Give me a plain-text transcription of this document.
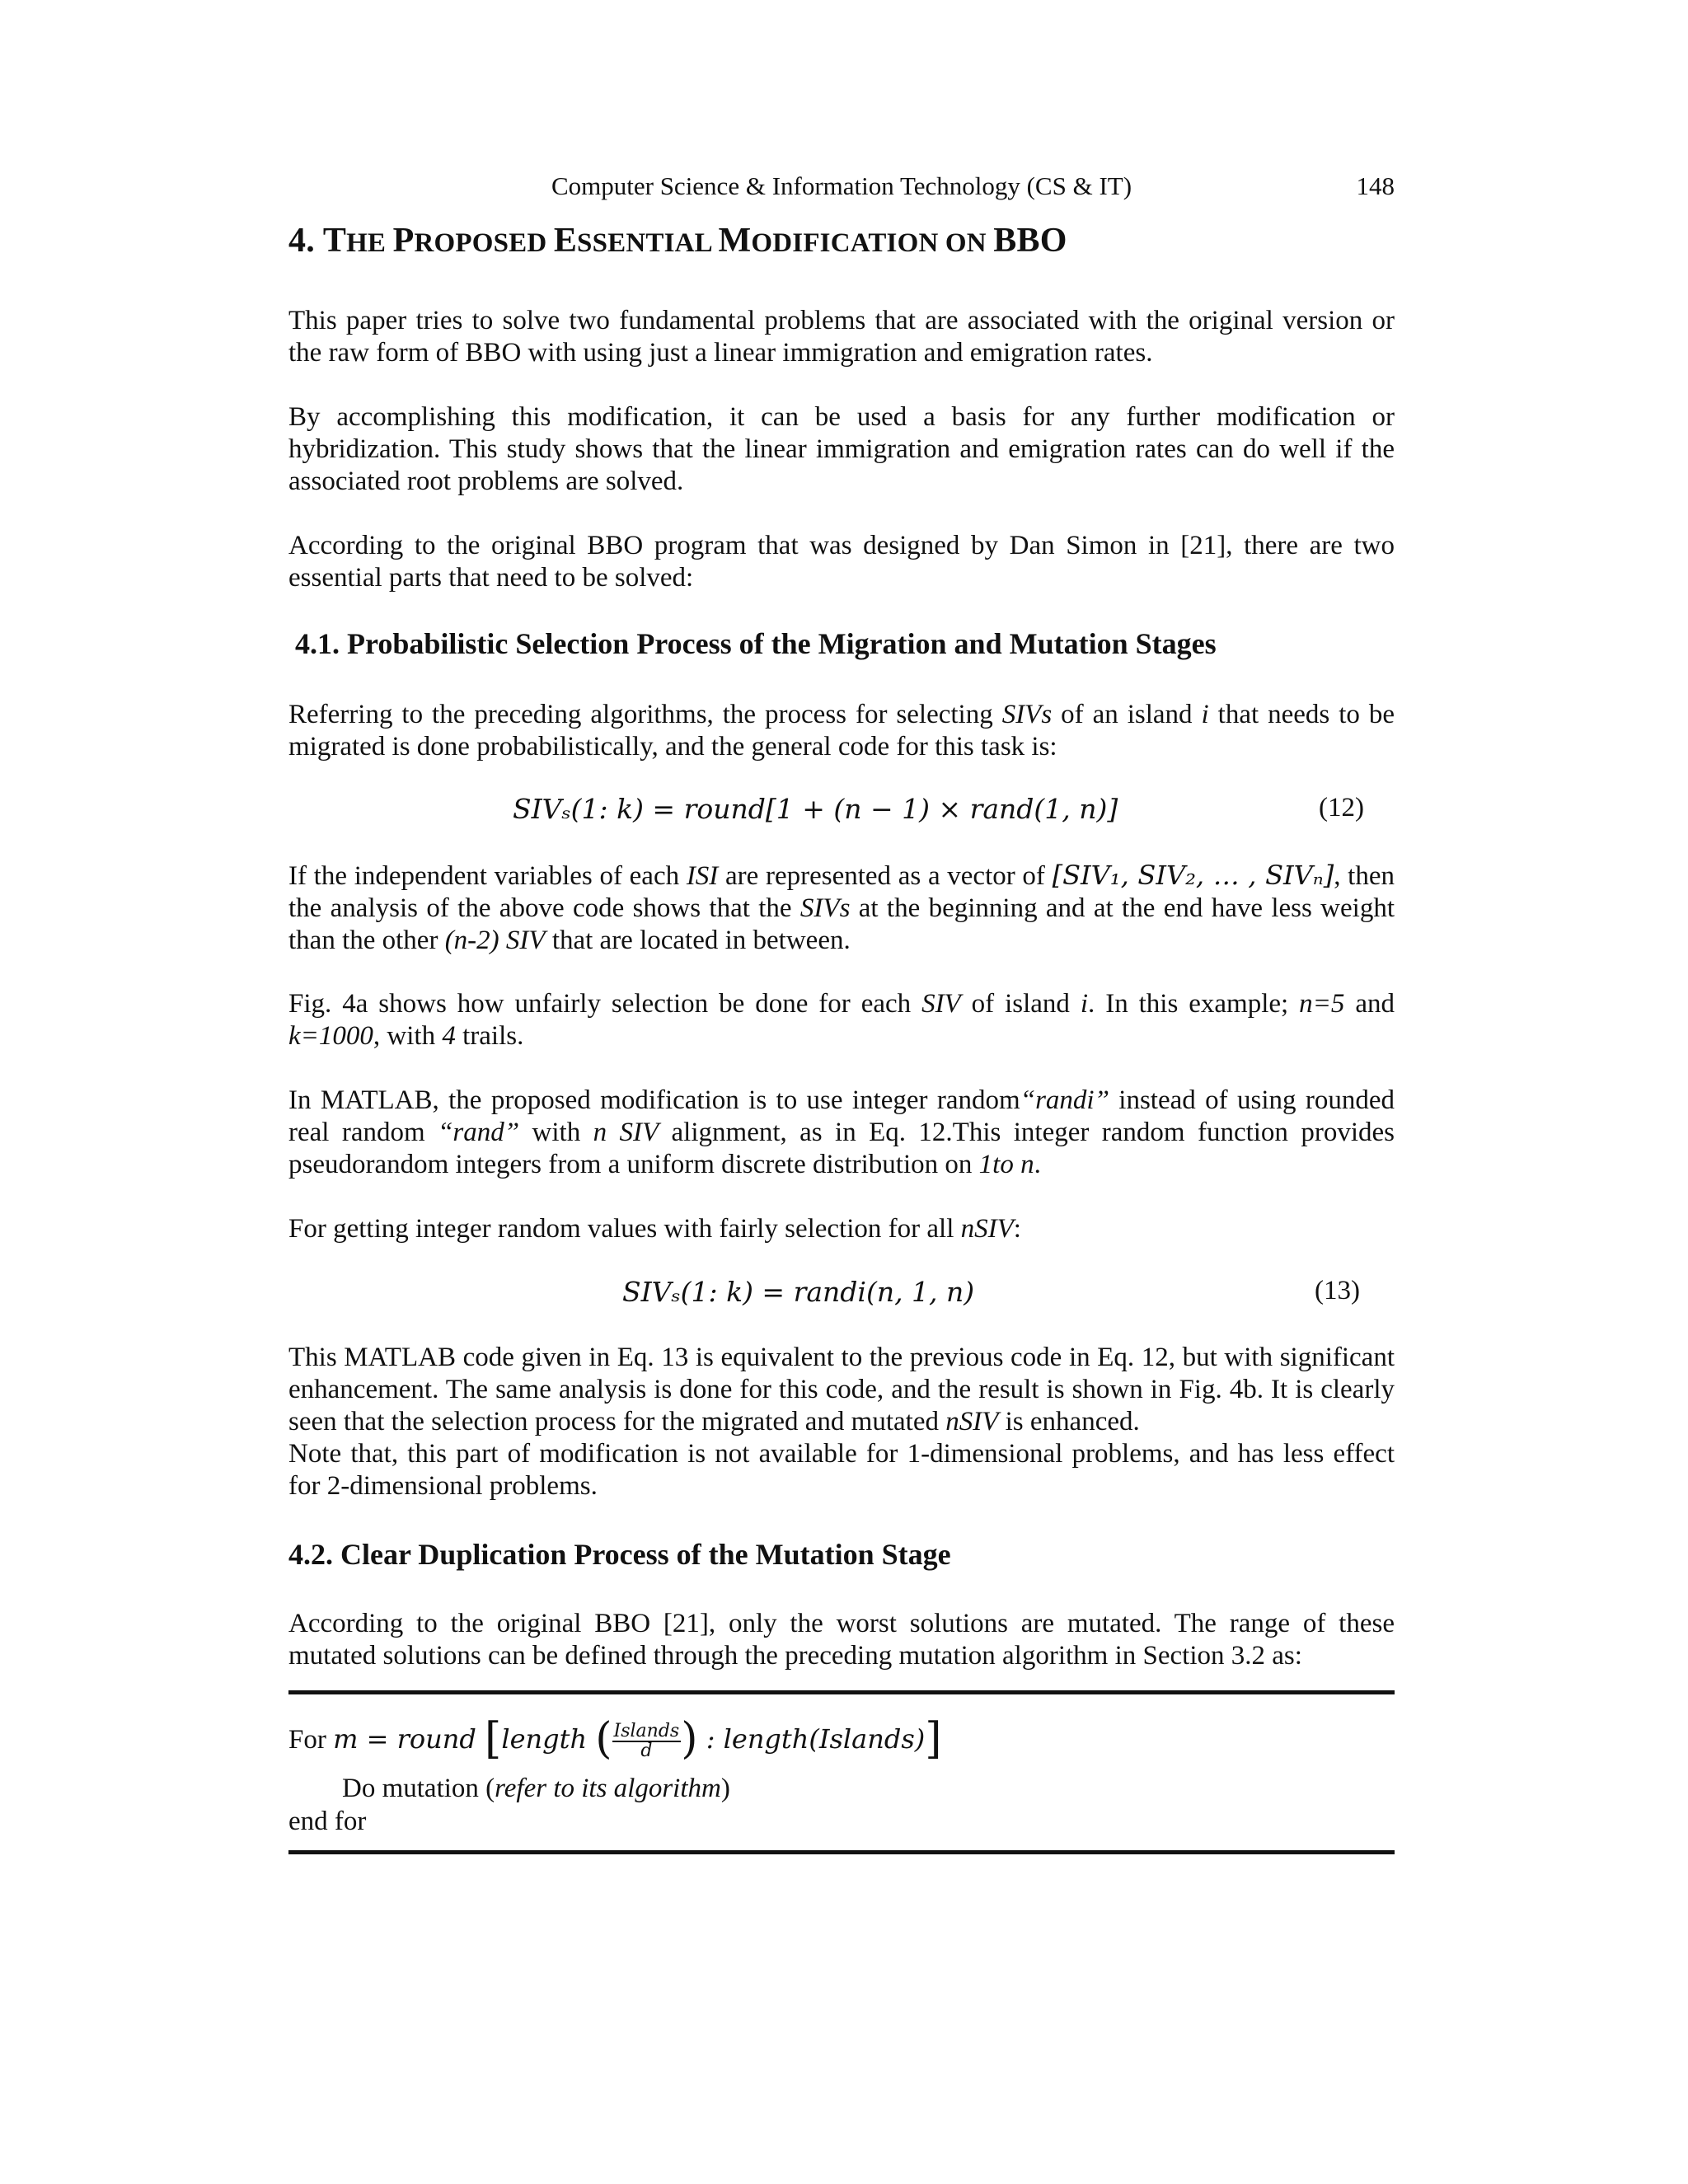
Computer Science & Information Technology (CS & IT)	148
4. THE PROPOSED ESSENTIAL MODIFICATION ON BBO

This paper tries to solve two fundamental problems that are associated with the original version or the raw form of BBO with using just a linear immigration and emigration rates.

By accomplishing this modification, it can be used a basis for any further modification or hybridization. This study shows that the linear immigration and emigration rates can do well if the associated root problems are solved.

According to the original BBO program that was designed by Dan Simon in [21], there are two essential parts that need to be solved:

4.1. Probabilistic Selection Process of the Migration and Mutation Stages

Referring to the preceding algorithms, the process for selecting SIVs of an island i that needs to be migrated is done probabilistically, and the general code for this task is:

SIVₛ(1: k) = round[1 + (n − 1) × rand(1, n)]	(12)

If the independent variables of each ISI are represented as a vector of [SIV₁, SIV₂, … , SIVₙ], then the analysis of the above code shows that the SIVs at the beginning and at the end have less weight than the other (n-2) SIV that are located in between.

Fig. 4a shows how unfairly selection be done for each SIV of island i. In this example; n=5 and k=1000, with 4 trails.

In MATLAB, the proposed modification is to use integer random“randi” instead of using rounded real random “rand” with n SIV alignment, as in Eq. 12.This integer random function provides pseudorandom integers from a uniform discrete distribution on 1to n.

For getting integer random values with fairly selection for all nSIV:

SIVₛ(1: k) = randi(n, 1, n)	(13)

This MATLAB code given in Eq. 13 is equivalent to the previous code in Eq. 12, but with significant enhancement. The same analysis is done for this code, and the result is shown in Fig. 4b. It is clearly seen that the selection process for the migrated and mutated nSIV is enhanced.

Note that, this part of modification is not available for 1-dimensional problems, and has less effect for 2-dimensional problems.

4.2. Clear Duplication Process of the Mutation Stage

According to the original BBO [21], only the worst solutions are mutated. The range of these mutated solutions can be defined through the preceding mutation algorithm in Section 3.2 as:

For m = round [length ( $\frac{\text{Islands}}{d}$ ) : length(Islands)]
Do mutation (refer to its algorithm)
end for
